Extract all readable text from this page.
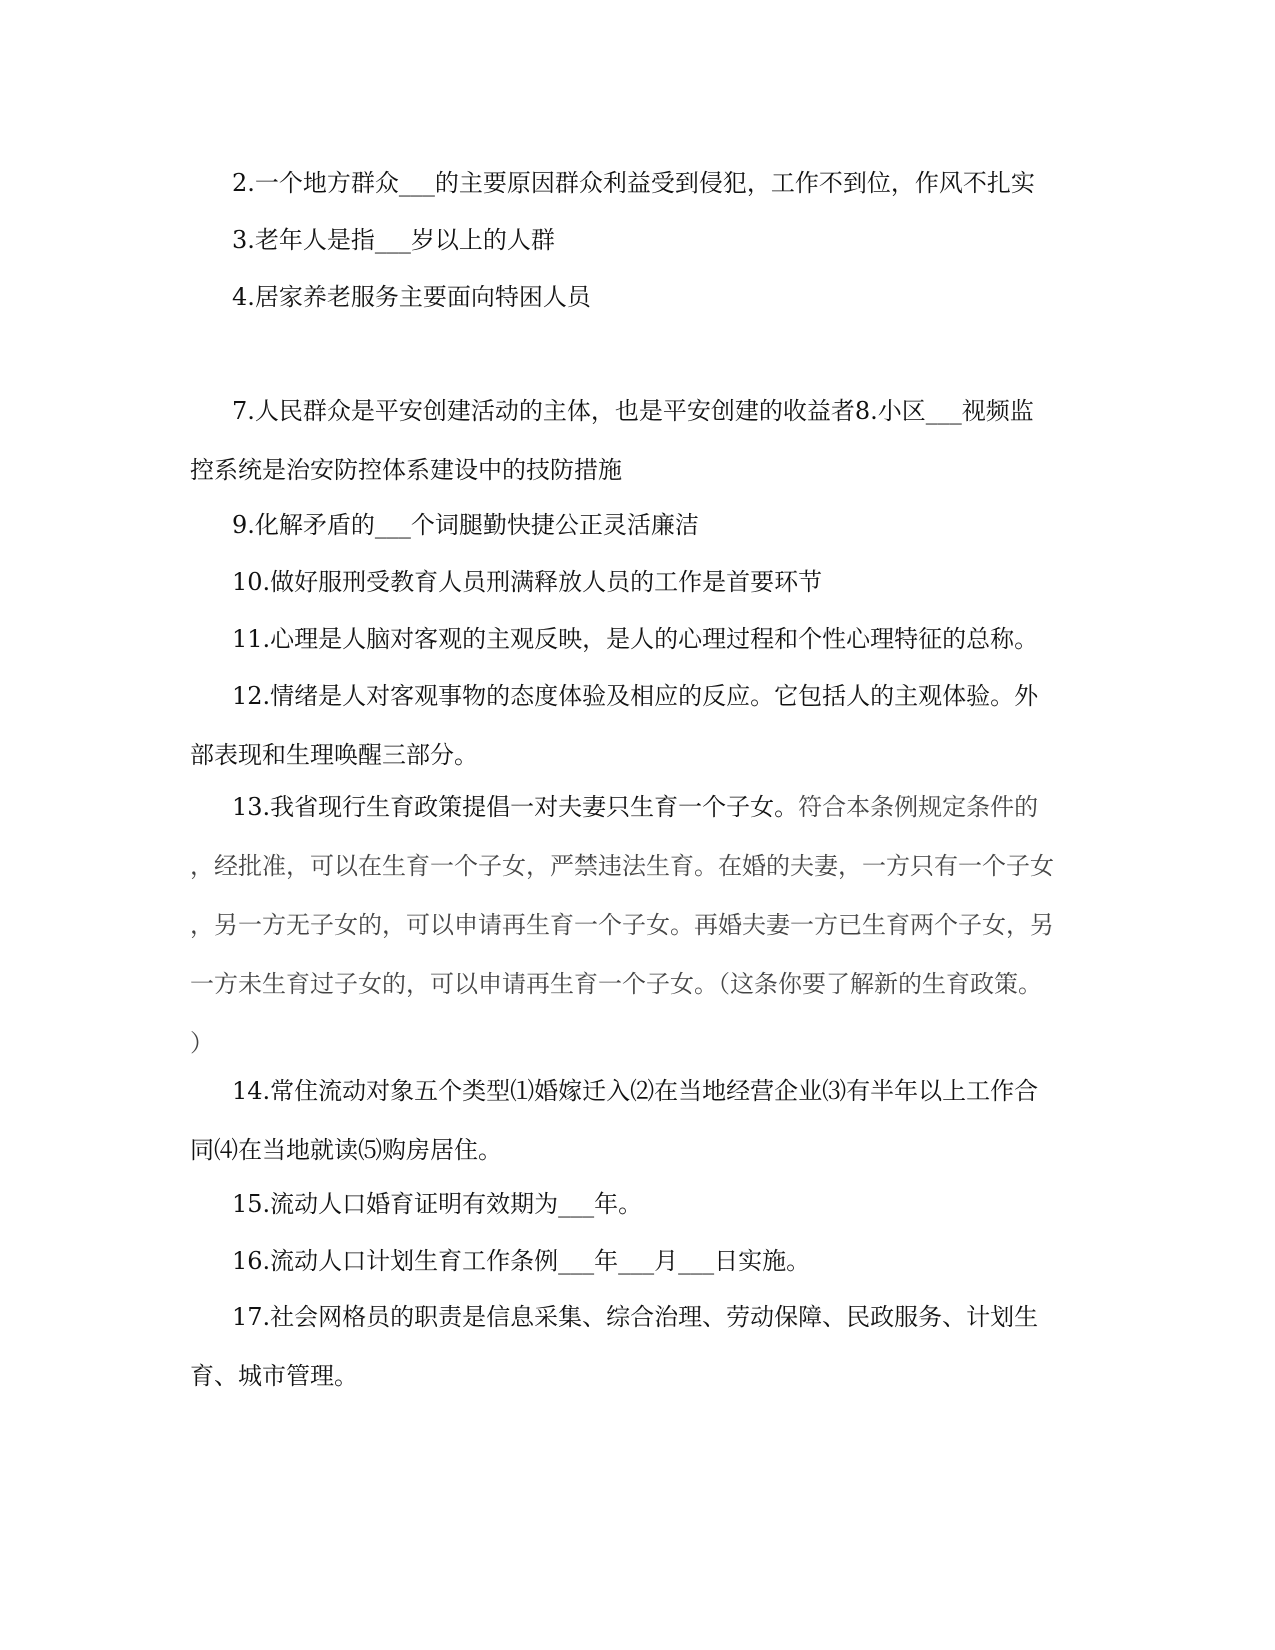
2.一个地方群众___的主要原因群众利益受到侵犯，工作不到位，作风不扎实
3.老年人是指___岁以上的人群
4.居家养老服务主要面向特困人员
7.人民群众是平安创建活动的主体，也是平安创建的收益者8.小区___视频监
控系统是治安防控体系建设中的技防措施
9.化解矛盾的___个词腿勤快捷公正灵活廉洁
10.做好服刑受教育人员刑满释放人员的工作是首要环节
11.心理是人脑对客观的主观反映，是人的心理过程和个性心理特征的总称。
12.情绪是人对客观事物的态度体验及相应的反应。它包括人的主观体验。外
部表现和生理唤醒三部分。
13.我省现行生育政策提倡一对夫妻只生育一个子女。符合本条例规定条件的
，经批准，可以在生育一个子女，严禁违法生育。在婚的夫妻，一方只有一个子女
，另一方无子女的，可以申请再生育一个子女。再婚夫妻一方已生育两个子女，另
一方未生育过子女的，可以申请再生育一个子女。（这条你要了解新的生育政策。
）
14.常住流动对象五个类型⑴婚嫁迁入⑵在当地经营企业⑶有半年以上工作合
同⑷在当地就读⑸购房居住。
15.流动人口婚育证明有效期为___年。
16.流动人口计划生育工作条例___年___月___日实施。
17.社会网格员的职责是信息采集、综合治理、劳动保障、民政服务、计划生
育、城市管理。
